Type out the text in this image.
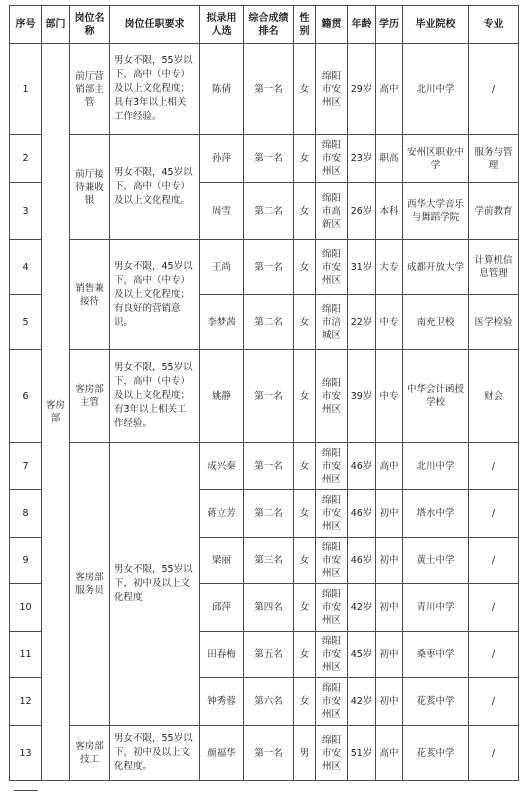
序号	部门	岗位名称	岗位任职要求	拟录用人选	综合成绩排名	性别	籍贯	年龄	学历	毕业院校	专业
1	客房部	前厅营销部主管	男女不限，55岁以下，高中（中专）及以上文化程度；具有3年以上相关工作经验。	陈倩	第一名	女	绵阳市安州区	29岁	高中	北川中学	/
2		前厅接待兼收银	男女不限，45岁以下，高中（中专）及以上文化程度。	孙萍	第一名	女	绵阳市安州区	23岁	职高	安州区职业中学	服务与管理
3				周雪	第二名	女	绵阳市高新区	26岁	本科	西华大学音乐与舞蹈学院	学前教育
4		销售兼接待	男女不限，45岁以下，高中（中专）及以上文化程度；有良好的营销意识。	王尚	第一名	女	绵阳市安州区	31岁	大专	成都开放大学	计算机信息管理
5				李梦茜	第二名	女	绵阳市涪城区	22岁	中专	南充卫校	医学检验
6		客房部主管	男女不限，55岁以下，高中（中专）及以上文化程度；有3年以上相关工作经验。	姚静	第一名	女	绵阳市安州区	39岁	中专	中华会计函授学校	财会
7		客房部服务员	男女不限，55岁以下，初中及以上文化程度	成兴秦	第一名	女	绵阳市安州区	46岁	高中	北川中学	/
8				蒋立芳	第二名	女	绵阳市安州区	46岁	初中	塔水中学	/
9				梁丽	第三名	女	绵阳市安州区	46岁	初中	黄土中学	/
10				邱萍	第四名	女	绵阳市安州区	42岁	初中	青川中学	/
11				田春梅	第五名	女	绵阳市安州区	45岁	初中	桑枣中学	/
12				钟秀蓉	第六名	女	绵阳市安州区	42岁	初中	花荄中学	/
13		客房部技工	男女不限，55岁以下，初中及以上文化程度。	颜福华	第一名	男	绵阳市安州区	51岁	高中	花荄中学	/
